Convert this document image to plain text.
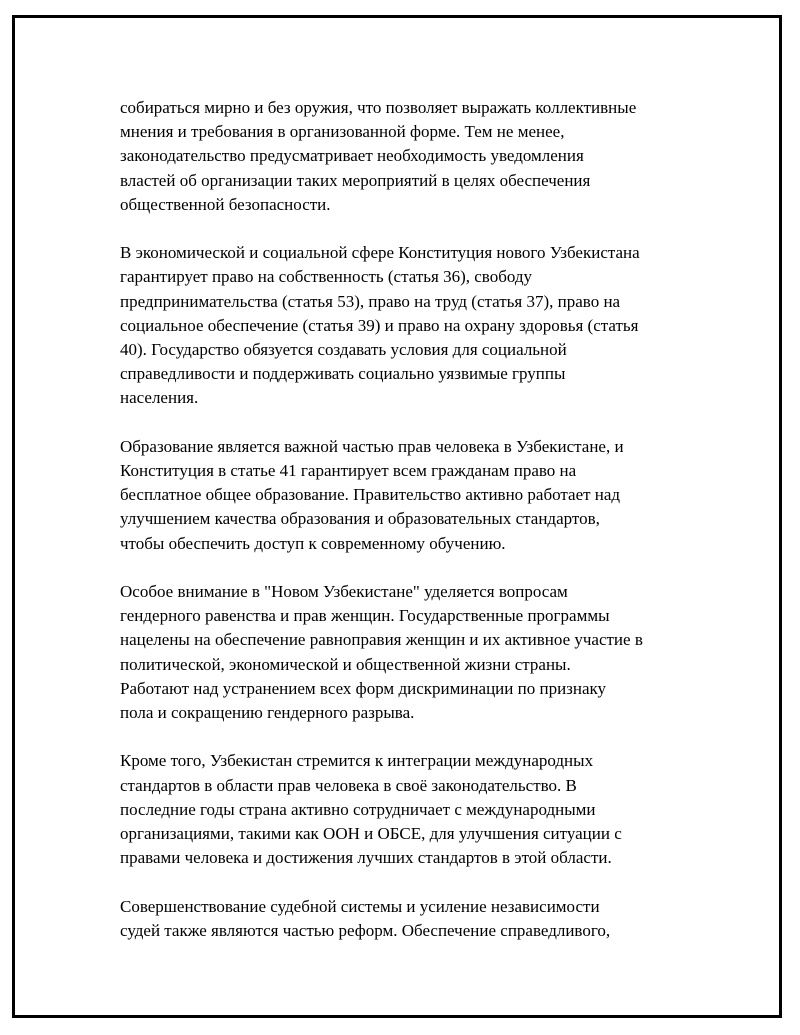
собираться мирно и без оружия, что позволяет выражать коллективные
мнения и требования в организованной форме. Тем не менее,
законодательство предусматривает необходимость уведомления
властей об организации таких мероприятий в целях обеспечения
общественной безопасности.

В экономической и социальной сфере Конституция нового Узбекистана
гарантирует право на собственность (статья 36), свободу
предпринимательства (статья 53), право на труд (статья 37), право на
социальное обеспечение (статья 39) и право на охрану здоровья (статья
40). Государство обязуется создавать условия для социальной
справедливости и поддерживать социально уязвимые группы
населения.

Образование является важной частью прав человека в Узбекистане, и
Конституция в статье 41 гарантирует всем гражданам право на
бесплатное общее образование. Правительство активно работает над
улучшением качества образования и образовательных стандартов,
чтобы обеспечить доступ к современному обучению.

Особое внимание в "Новом Узбекистане" уделяется вопросам
гендерного равенства и прав женщин. Государственные программы
нацелены на обеспечение равноправия женщин и их активное участие в
политической, экономической и общественной жизни страны.
Работают над устранением всех форм дискриминации по признаку
пола и сокращению гендерного разрыва.

Кроме того, Узбекистан стремится к интеграции международных
стандартов в области прав человека в своё законодательство. В
последние годы страна активно сотрудничает с международными
организациями, такими как ООН и ОБСЕ, для улучшения ситуации с
правами человека и достижения лучших стандартов в этой области.

Совершенствование судебной системы и усиление независимости
судей также являются частью реформ. Обеспечение справедливого,
